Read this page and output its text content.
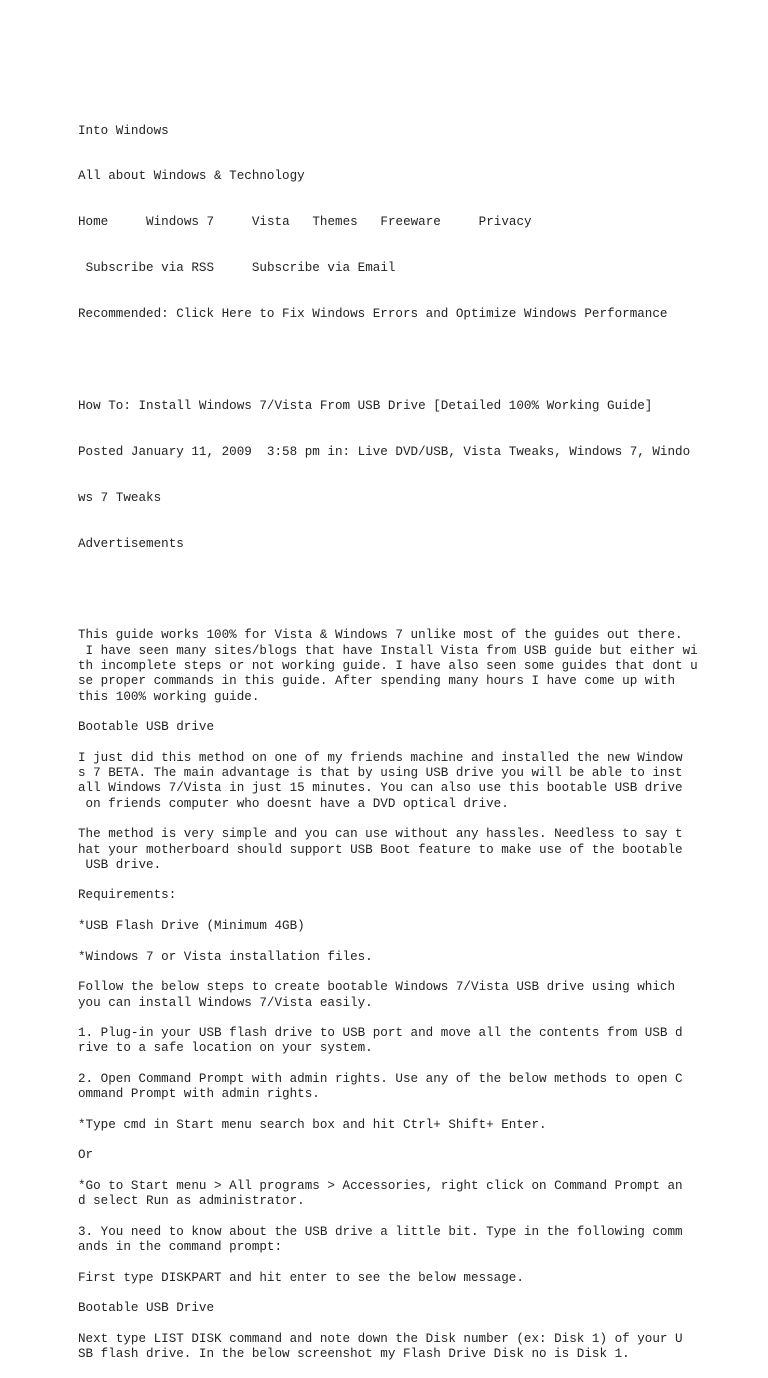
Into Windows

All about Windows & Technology

Home	Windows 7	Vista Themes Freeware	Privacy

Subscribe via RSS	Subscribe via Email

Recommended: Click Here to Fix Windows Errors and Optimize Windows Performance

How To: Install Windows 7/Vista From USB Drive [Detailed 100% Working Guide]

Posted January 11, 2009  3:58 pm in: Live DVD/USB, Vista Tweaks, Windows 7, Windo

ws 7 Tweaks

Advertisements

This guide works 100% for Vista & Windows 7 unlike most of the guides out there.
I have seen many sites/blogs that have Install Vista from USB guide but either wi
th incomplete steps or not working guide. I have also seen some guides that dont u
se proper commands in this guide. After spending many hours I have come up with
this 100% working guide.
Bootable USB drive
I just did this method on one of my friends machine and installed the new Window
s 7 BETA. The main advantage is that by using USB drive you will be able to inst
all Windows 7/Vista in just 15 minutes. You can also use this bootable USB drive
on friends computer who doesnt have a DVD optical drive.
The method is very simple and you can use without any hassles. Needless to say t
hat your motherboard should support USB Boot feature to make use of the bootable
USB drive.
Requirements:
*USB Flash Drive (Minimum 4GB)
*Windows 7 or Vista installation files.
Follow the below steps to create bootable Windows 7/Vista USB drive using which
you can install Windows 7/Vista easily.
1. Plug-in your USB flash drive to USB port and move all the contents from USB d
rive to a safe location on your system.
2. Open Command Prompt with admin rights. Use any of the below methods to open C
ommand Prompt with admin rights.
*Type cmd in Start menu search box and hit Ctrl+ Shift+ Enter.
Or
*Go to Start menu > All programs > Accessories, right click on Command Prompt an
d select Run as administrator.
3. You need to know about the USB drive a little bit. Type in the following comm
ands in the command prompt:
First type DISKPART and hit enter to see the below message.
Bootable USB Drive
Next type LIST DISK command and note down the Disk number (ex: Disk 1) of your U
SB flash drive. In the below screenshot my Flash Drive Disk no is Disk 1.
